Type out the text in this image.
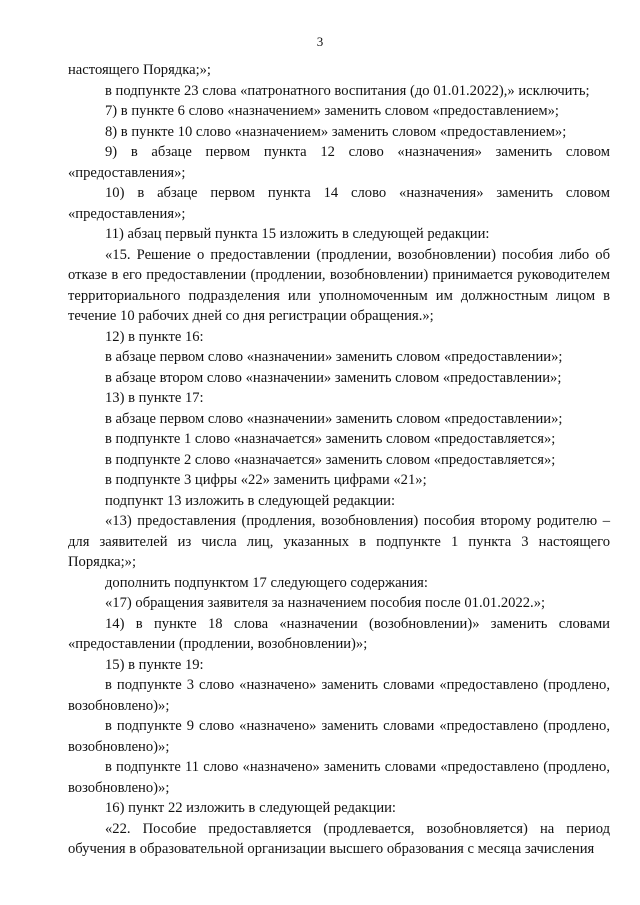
3

настоящего Порядка;»;

в подпункте 23 слова «патронатного воспитания (до 01.01.2022),» исключить;

7) в пункте 6 слово «назначением» заменить словом «предоставлением»;

8) в пункте 10 слово «назначением» заменить словом «предоставлением»;

9) в абзаце первом пункта 12 слово «назначения» заменить словом «предоставления»;

10) в абзаце первом пункта 14 слово «назначения» заменить словом «предоставления»;

11) абзац первый пункта 15 изложить в следующей редакции:

«15. Решение о предоставлении (продлении, возобновлении) пособия либо об отказе в его предоставлении (продлении, возобновлении) принимается руководителем территориального подразделения или уполномоченным им должностным лицом в течение 10 рабочих дней со дня регистрации обращения.»;

12) в пункте 16:

в абзаце первом слово «назначении» заменить словом «предоставлении»;

в абзаце втором слово «назначении» заменить словом «предоставлении»;

13) в пункте 17:

в абзаце первом слово «назначении» заменить словом «предоставлении»;

в подпункте 1 слово «назначается» заменить словом «предоставляется»;

в подпункте 2 слово «назначается» заменить словом «предоставляется»;

в подпункте 3 цифры «22» заменить цифрами «21»;

подпункт 13 изложить в следующей редакции:

«13) предоставления (продления, возобновления) пособия второму родителю – для заявителей из числа лиц, указанных в подпункте 1 пункта 3 настоящего Порядка;»;

дополнить подпунктом 17 следующего содержания:

«17) обращения заявителя за назначением пособия после 01.01.2022.»;

14) в пункте 18 слова «назначении (возобновлении)» заменить словами «предоставлении (продлении, возобновлении)»;

15) в пункте 19:

в подпункте 3 слово «назначено» заменить словами «предоставлено (продлено, возобновлено)»;

в подпункте 9 слово «назначено» заменить словами «предоставлено (продлено, возобновлено)»;

в подпункте 11 слово «назначено» заменить словами «предоставлено (продлено, возобновлено)»;

16) пункт 22 изложить в следующей редакции:

«22. Пособие предоставляется (продлевается, возобновляется) на период обучения в образовательной организации высшего образования с месяца зачисления
